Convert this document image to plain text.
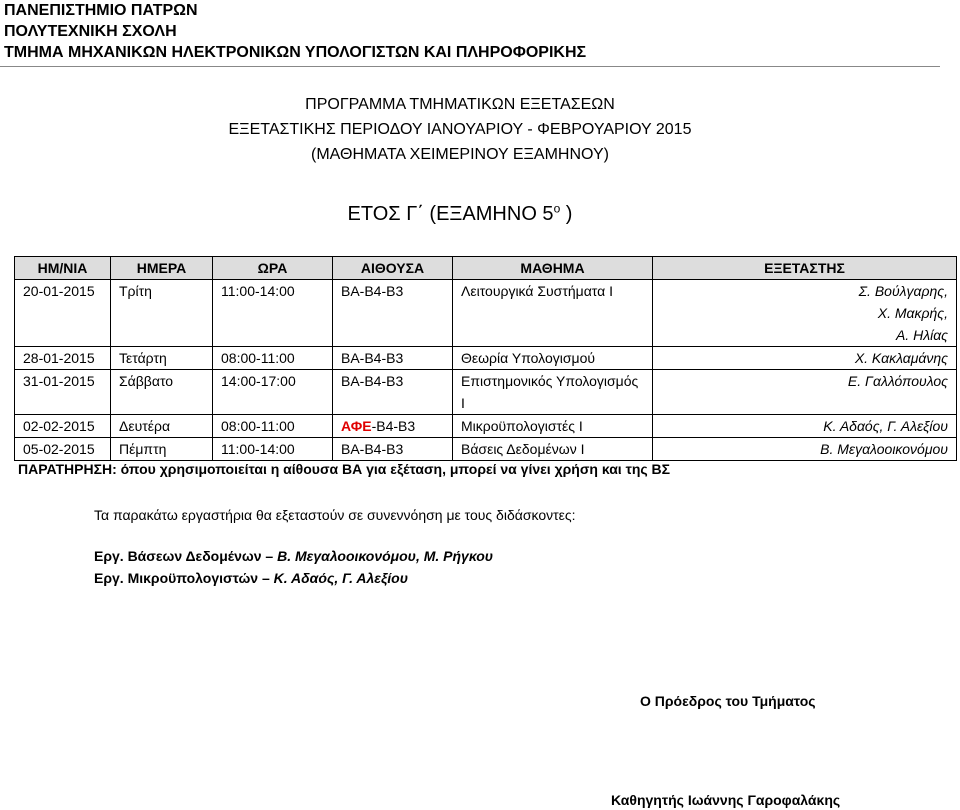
ΠΑΝΕΠΙΣΤΗΜΙΟ ΠΑΤΡΩΝ
ΠΟΛΥΤΕΧΝΙΚΗ ΣΧΟΛΗ
ΤΜΗΜΑ ΜΗΧΑΝΙΚΩΝ ΗΛΕΚΤΡΟΝΙΚΩΝ ΥΠΟΛΟΓΙΣΤΩΝ ΚΑΙ ΠΛΗΡΟΦΟΡΙΚΗΣ
ΠΡΟΓΡΑΜΜΑ ΤΜΗΜΑΤΙΚΩΝ ΕΞΕΤΑΣΕΩΝ
ΕΞΕΤΑΣΤΙΚΗΣ ΠΕΡΙΟΔΟΥ ΙΑΝΟΥΑΡΙΟΥ - ΦΕΒΡΟΥΑΡΙΟΥ 2015
(ΜΑΘΗΜΑΤΑ ΧΕΙΜΕΡΙΝΟΥ ΕΞΑΜΗΝΟΥ)
ΕΤΟΣ Γ΄ (ΕΞΑΜΗΝΟ $5^o$ )
ΗΜ/ΝΙΑ	ΗΜΕΡΑ	ΩΡΑ	ΑΙΘΟΥΣΑ	ΜΑΘΗΜΑ	ΕΞΕΤΑΣΤΗΣ
20-01-2015	Τρίτη	11:00-14:00	ΒΑ-Β4-Β3	Λειτουργικά Συστήματα Ι	Σ. Βούλγαρης,
Χ. Μακρής,
Α. Ηλίας

28-01-2015	Τετάρτη	08:00-11:00	ΒΑ-Β4-Β3	Θεωρία Υπολογισμού	Χ. Κακλαμάνης

31-01-2015	Σάββατο	14:00-17:00	ΒΑ-Β4-Β3	Επιστημονικός Υπολογισμός Ι	Ε. Γαλλόπουλος

02-02-2015	Δευτέρα	08:00-11:00	ΑΦΕ-Β4-Β3	Μικροϋπολογιστές Ι	Κ. Αδαός, Γ. Αλεξίου

05-02-2015	Πέμπτη	11:00-14:00	ΒΑ-Β4-Β3	Βάσεις Δεδομένων Ι	Β. Μεγαλοοικονόμου
ΠΑΡΑΤΗΡΗΣΗ: όπου χρησιμοποιείται η αίθουσα ΒΑ για εξέταση, μπορεί να γίνει χρήση και της ΒΣ
Τα παρακάτω εργαστήρια θα εξεταστούν σε συνεννόηση με τους διδάσκοντες:
Εργ. Βάσεων Δεδομένων – Β. Μεγαλοοικονόμου, Μ. Ρήγκου
Εργ. Μικροϋπολογιστών – Κ. Αδαός, Γ. Αλεξίου
Ο Πρόεδρος του Τμήματος
Καθηγητής Ιωάννης Γαροφαλάκης
